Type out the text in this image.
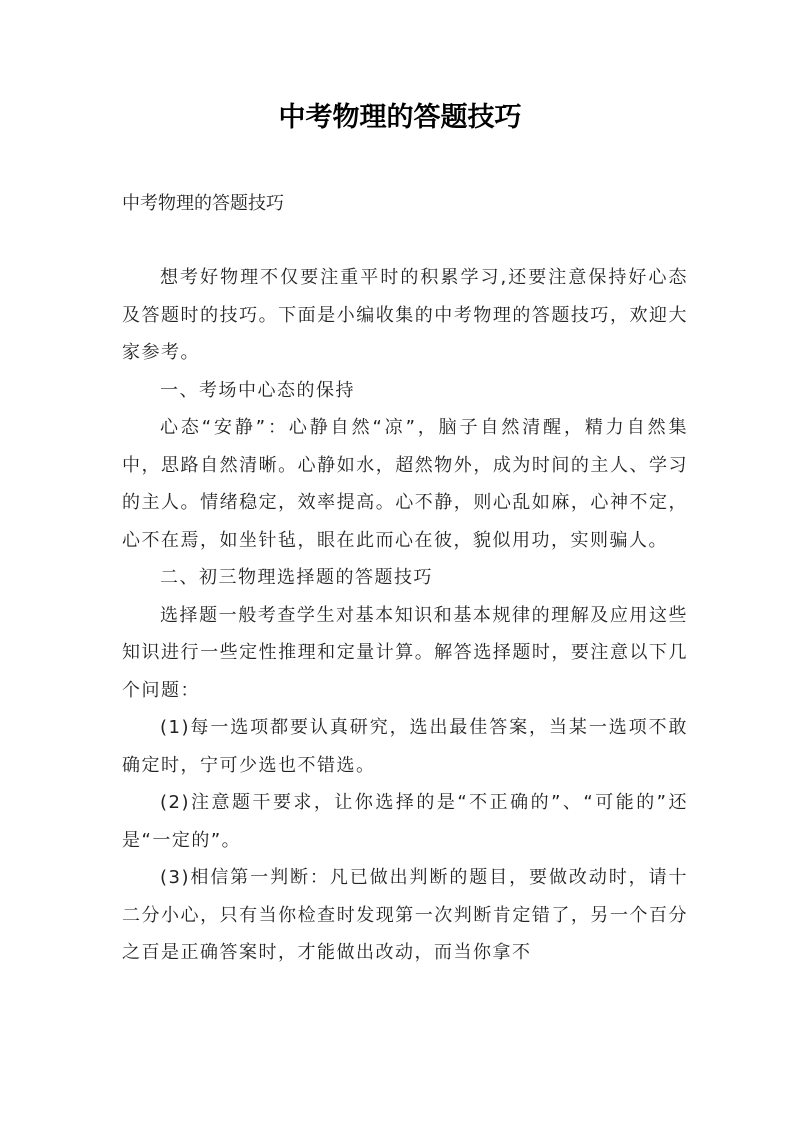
中考物理的答题技巧
中考物理的答题技巧

想考好物理不仅要注重平时的积累学习,还要注意保持好心态及答题时的技巧。下面是小编收集的中考物理的答题技巧，欢迎大家参考。

一、考场中心态的保持

心态“安静”：心静自然“凉”，脑子自然清醒，精力自然集中，思路自然清晰。心静如水，超然物外，成为时间的主人、学习的主人。情绪稳定，效率提高。心不静，则心乱如麻，心神不定，心不在焉，如坐针毡，眼在此而心在彼，貌似用功，实则骗人。

二、初三物理选择题的答题技巧

选择题一般考查学生对基本知识和基本规律的理解及应用这些知识进行一些定性推理和定量计算。解答选择题时，要注意以下几个问题：

(1)每一选项都要认真研究，选出最佳答案，当某一选项不敢确定时，宁可少选也不错选。

(2)注意题干要求，让你选择的是“不正确的”、“可能的”还是“一定的”。

(3)相信第一判断：凡已做出判断的题目，要做改动时，请十二分小心，只有当你检查时发现第一次判断肯定错了，另一个百分之百是正确答案时，才能做出改动，而当你拿不
